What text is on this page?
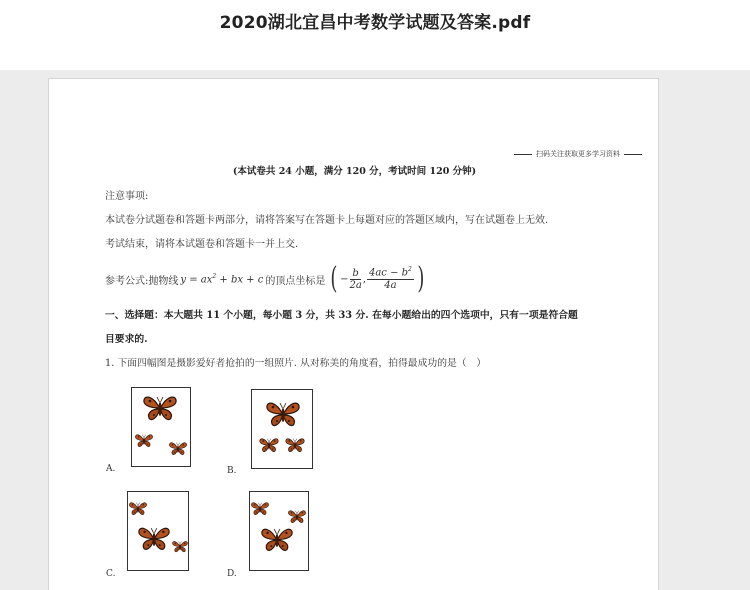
2020湖北宜昌中考数学试题及答案.pdf
扫码关注获取更多学习资料
(本试卷共 24 小题，满分 120 分，考试时间 120 分钟)
注意事项:
本试卷分试题卷和答题卡两部分，请将答案写在答题卡上每题对应的答题区域内，写在试题卷上无效.
考试结束，请将本试题卷和答题卡一并上交.
参考公式:抛物线 $y = ax^2$ + bx + c 的顶点坐标是 ( − $\frac{b}{2a}$ , $\frac{4ac - b^2}{4a}$ )
一、选择题：本大题共 11 个小题，每小题 3 分，共 33 分. 在每小题给出的四个选项中，只有一项是符合题
目要求的.
1. 下面四幅图是摄影爱好者抢拍的一组照片. 从对称美的角度看，拍得最成功的是（　）
A.	B.
C.	D.
